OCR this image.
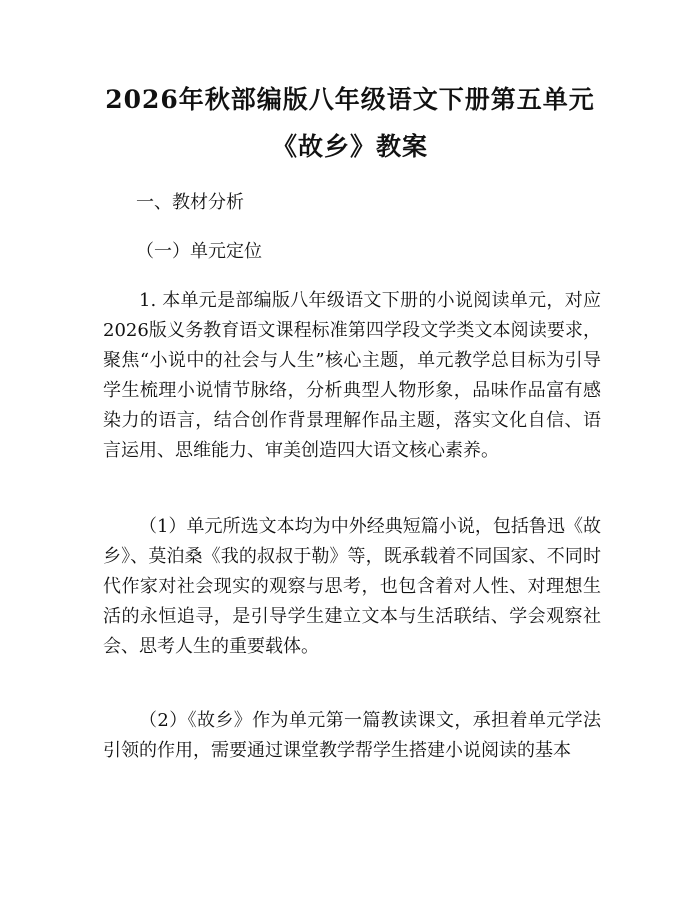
2026年秋部编版八年级语文下册第五单元
《故乡》教案

一、教材分析

（一）单元定位

1. 本单元是部编版八年级语文下册的小说阅读单元，对应2026版义务教育语文课程标准第四学段文学类文本阅读要求，聚焦“小说中的社会与人生”核心主题，单元教学总目标为引导学生梳理小说情节脉络，分析典型人物形象，品味作品富有感染力的语言，结合创作背景理解作品主题，落实文化自信、语言运用、思维能力、审美创造四大语文核心素养。

（1）单元所选文本均为中外经典短篇小说，包括鲁迅《故乡》、莫泊桑《我的叔叔于勒》等，既承载着不同国家、不同时代作家对社会现实的观察与思考，也包含着对人性、对理想生活的永恒追寻，是引导学生建立文本与生活联结、学会观察社会、思考人生的重要载体。

（2）《故乡》作为单元第一篇教读课文，承担着单元学法引领的作用，需要通过课堂教学帮学生搭建小说阅读的基本
